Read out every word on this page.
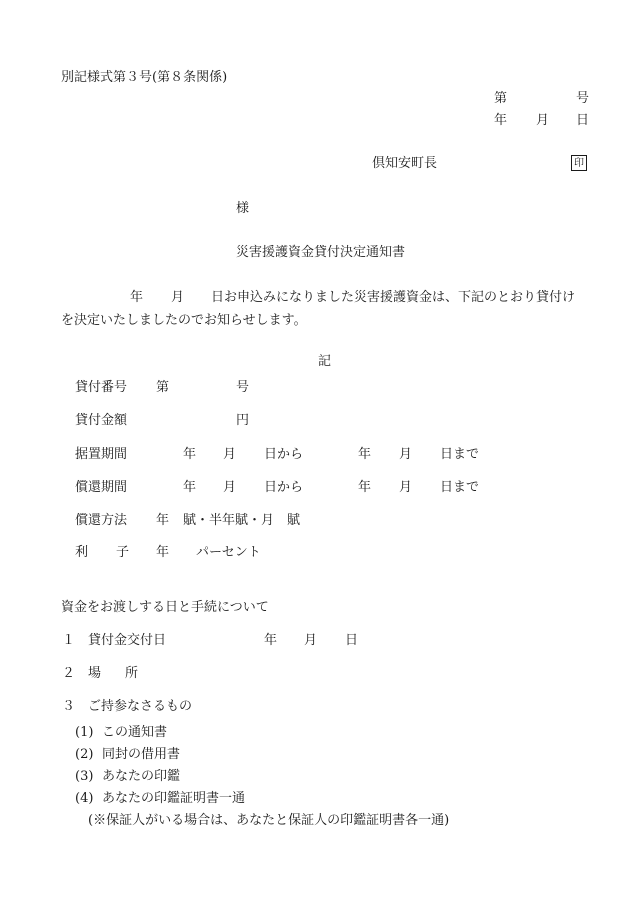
別記様式第３号(第８条関係)
第	号
年 月 日
倶知安町長	印
様
災害援護資金貸付決定通知書
年 月 日お申込みになりました災害援護資金は、下記のとおり貸付け
を決定いたしましたのでお知らせします。
記
貸付番号 第	号
貸付金額	円
据置期間	年 月 日から	年 月 日まで
償還期間	年 月 日から	年 月 日まで
償還方法 年 賦・半年賦・月　賦
利 子 年 パーセント
資金をお渡しする日と手続について
１ 貸付金交付日	年 月 日
２ 場 所
３ ご持参なさるもの
(1) この通知書
(2) 同封の借用書
(3) あなたの印鑑
(4) あなたの印鑑証明書一通
(※保証人がいる場合は、あなたと保証人の印鑑証明書各一通)
